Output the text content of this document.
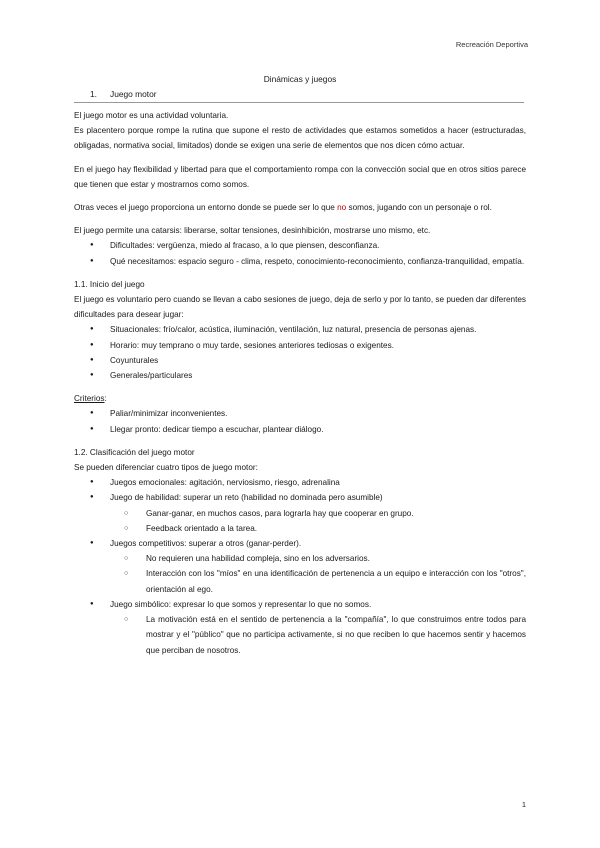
Recreación Deportiva
Dinámicas y juegos
1. Juego motor

El juego motor es una actividad voluntaria.

Es placentero porque rompe la rutina que supone el resto de actividades que estamos sometidos a hacer (estructuradas, obligadas, normativa social, limitados) donde se exigen una serie de elementos que nos dicen cómo actuar.

En el juego hay flexibilidad y libertad para que el comportamiento rompa con la convección social que en otros sitios parece que tienen que estar y mostrarnos como somos.

Otras veces el juego proporciona un entorno donde se puede ser lo que no somos, jugando con un personaje o rol.

El juego permite una catarsis: liberarse, soltar tensiones, desinhibición, mostrarse uno mismo, etc.

● Dificultades: vergüenza, miedo al fracaso, a lo que piensen, desconfianza.
● Qué necesitamos: espacio seguro - clima, respeto, conocimiento-reconocimiento, confianza-tranquilidad, empatía.

1.1. Inicio del juego

El juego es voluntario pero cuando se llevan a cabo sesiones de juego, deja de serlo y por lo tanto, se pueden dar diferentes dificultades para desear jugar:

● Situacionales: frío/calor, acústica, iluminación, ventilación, luz natural, presencia de personas ajenas.
● Horario: muy temprano o muy tarde, sesiones anteriores tediosas o exigentes.
● Coyunturales
● Generales/particulares

Criterios:

● Paliar/minimizar inconvenientes.
● Llegar pronto: dedicar tiempo a escuchar, plantear diálogo.

1.2. Clasificación del juego motor

Se pueden diferenciar cuatro tipos de juego motor:

● Juegos emocionales: agitación, nerviosismo, riesgo, adrenalina
● Juego de habilidad: superar un reto (habilidad no dominada pero asumible)
○ Ganar-ganar, en muchos casos, para lograrla hay que cooperar en grupo.
○ Feedback orientado a la tarea.
● Juegos competitivos: superar a otros (ganar-perder).
○ No requieren una habilidad compleja, sino en los adversarios.
○ Interacción con los "míos" en una identificación de pertenencia a un equipo e interacción con los "otros", orientación al ego.
● Juego simbólico: expresar lo que somos y representar lo que no somos.
○ La motivación está en el sentido de pertenencia a la "compañía", lo que construimos entre todos para mostrar y el "público" que no participa activamente, si no que reciben lo que hacemos sentir y hacemos que perciban de nosotros.
1
